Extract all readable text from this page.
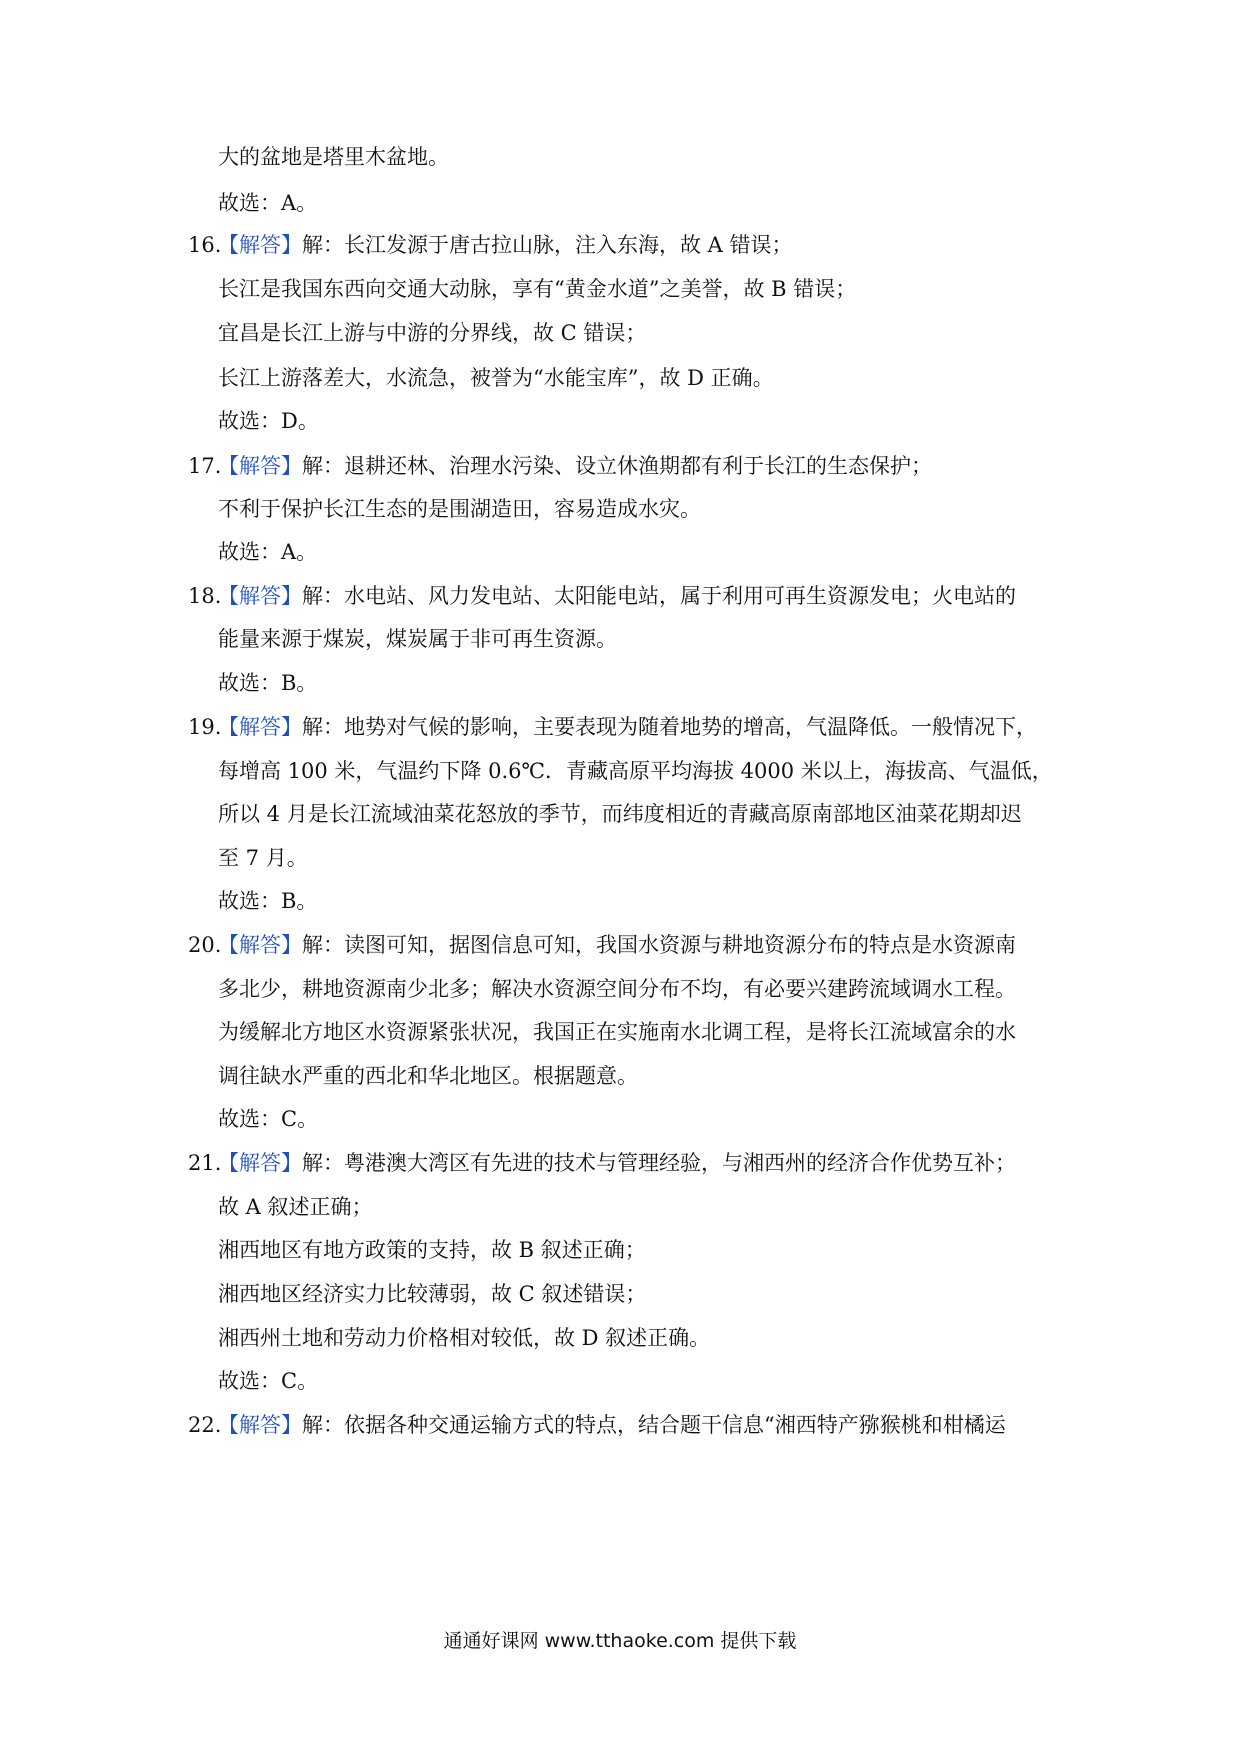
大的盆地是塔里木盆地。
故选：A。
16.【解答】解：长江发源于唐古拉山脉，注入东海，故 A 错误；
长江是我国东西向交通大动脉，享有“黄金水道”之美誉，故 B 错误；
宜昌是长江上游与中游的分界线，故 C 错误；
长江上游落差大，水流急，被誉为“水能宝库”，故 D 正确。
故选：D。
17.【解答】解：退耕还林、治理水污染、设立休渔期都有利于长江的生态保护；
不利于保护长江生态的是围湖造田，容易造成水灾。
故选：A。
18.【解答】解：水电站、风力发电站、太阳能电站，属于利用可再生资源发电；火电站的
能量来源于煤炭，煤炭属于非可再生资源。
故选：B。
19.【解答】解：地势对气候的影响，主要表现为随着地势的增高，气温降低。一般情况下，
每增高 100 米，气温约下降 0.6℃．青藏高原平均海拔 4000 米以上，海拔高、气温低，
所以 4 月是长江流域油菜花怒放的季节，而纬度相近的青藏高原南部地区油菜花期却迟
至 7 月。
故选：B。
20.【解答】解：读图可知，据图信息可知，我国水资源与耕地资源分布的特点是水资源南
多北少，耕地资源南少北多；解决水资源空间分布不均，有必要兴建跨流域调水工程。
为缓解北方地区水资源紧张状况，我国正在实施南水北调工程，是将长江流域富余的水
调往缺水严重的西北和华北地区。根据题意。
故选：C。
21.【解答】解：粤港澳大湾区有先进的技术与管理经验，与湘西州的经济合作优势互补；
故 A 叙述正确；
湘西地区有地方政策的支持，故 B 叙述正确；
湘西地区经济实力比较薄弱，故 C 叙述错误；
湘西州土地和劳动力价格相对较低，故 D 叙述正确。
故选：C。
22.【解答】解：依据各种交通运输方式的特点，结合题干信息“湘西特产猕猴桃和柑橘运
通通好课网 www.tthaoke.com 提供下载
